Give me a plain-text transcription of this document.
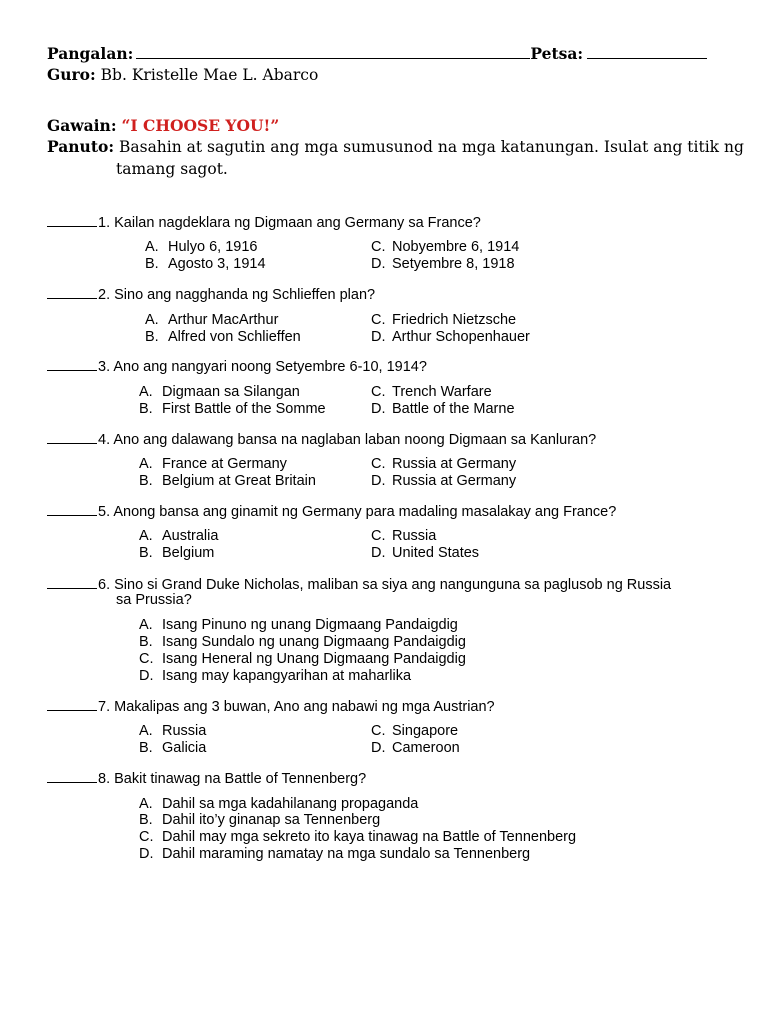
Pangalan:	Petsa:
Guro: Bb. Kristelle Mae L. Abarco
Gawain: “I CHOOSE YOU!”
Panuto: Basahin at sagutin ang mga sumusunod na mga katanungan. Isulat ang titik ng
tamang sagot.
1. Kailan nagdeklara ng Digmaan ang Germany sa France?
A. Hulyo 6, 1916
B. Agosto 3, 1914
C. Nobyembre 6, 1914
D. Setyembre 8, 1918
2. Sino ang nagghanda ng Schlieffen plan?
A. Arthur MacArthur
B. Alfred von Schlieffen
C. Friedrich Nietzsche
D. Arthur Schopenhauer
3. Ano ang nangyari noong Setyembre 6-10, 1914?
A. Digmaan sa Silangan
B. First Battle of the Somme
C. Trench Warfare
D. Battle of the Marne
4. Ano ang dalawang bansa na naglaban laban noong Digmaan sa Kanluran?
A. France at Germany
B. Belgium at Great Britain
C. Russia at Germany
D. Russia at Germany
5. Anong bansa ang ginamit ng Germany para madaling masalakay ang France?
A. Australia
B. Belgium
C. Russia
D. United States
6. Sino si Grand Duke Nicholas, maliban sa siya ang nangunguna sa paglusob ng Russia
sa Prussia?
A. Isang Pinuno ng unang Digmaang Pandaigdig
B. Isang Sundalo ng unang Digmaang Pandaigdig
C. Isang Heneral ng Unang Digmaang Pandaigdig
D. Isang may kapangyarihan at maharlika
7. Makalipas ang 3 buwan, Ano ang nabawi ng mga Austrian?
A. Russia
B. Galicia
C. Singapore
D. Cameroon
8. Bakit tinawag na Battle of Tennenberg?
A. Dahil sa mga kadahilanang propaganda
B. Dahil ito’y ginanap sa Tennenberg
C. Dahil may mga sekreto ito kaya tinawag na Battle of Tennenberg
D. Dahil maraming namatay na mga sundalo sa Tennenberg
